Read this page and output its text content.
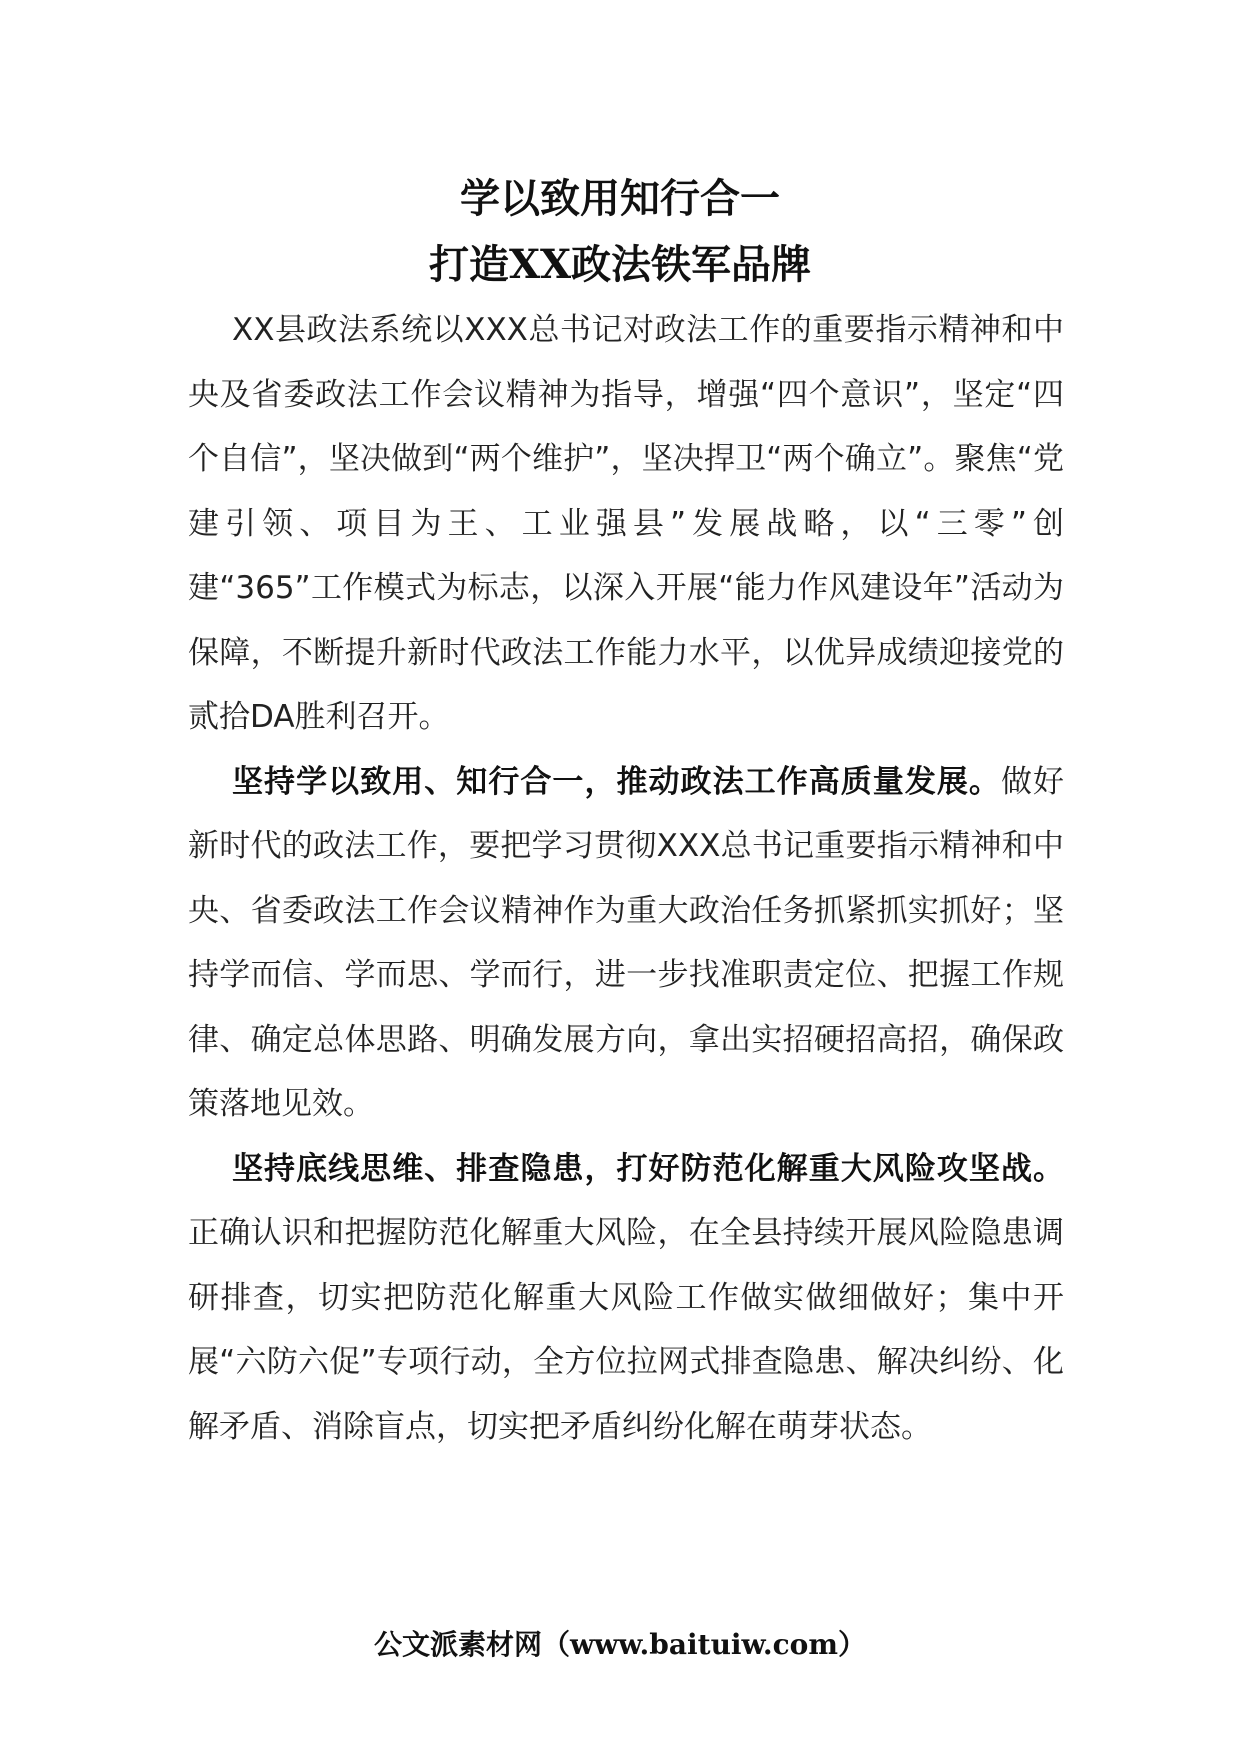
学以致用知行合一
打造XX政法铁军品牌

XX县政法系统以XXX总书记对政法工作的重要指示精神和中央及省委政法工作会议精神为指导，增强“四个意识”，坚定“四个自信”，坚决做到“两个维护”，坚决捍卫“两个确立”。聚焦“党建引领、项目为王、工业强县”发展战略，以“三零”创建“365”工作模式为标志，以深入开展“能力作风建设年”活动为保障，不断提升新时代政法工作能力水平，以优异成绩迎接党的贰拾DA胜利召开。

坚持学以致用、知行合一，推动政法工作高质量发展。做好新时代的政法工作，要把学习贯彻XXX总书记重要指示精神和中央、省委政法工作会议精神作为重大政治任务抓紧抓实抓好；坚持学而信、学而思、学而行，进一步找准职责定位、把握工作规律、确定总体思路、明确发展方向，拿出实招硬招高招，确保政策落地见效。

坚持底线思维、排查隐患，打好防范化解重大风险攻坚战。正确认识和把握防范化解重大风险，在全县持续开展风险隐患调研排查，切实把防范化解重大风险工作做实做细做好；集中开展“六防六促”专项行动，全方位拉网式排查隐患、解决纠纷、化解矛盾、消除盲点，切实把矛盾纠纷化解在萌芽状态。

公文派素材网（www.baituiw.com）
